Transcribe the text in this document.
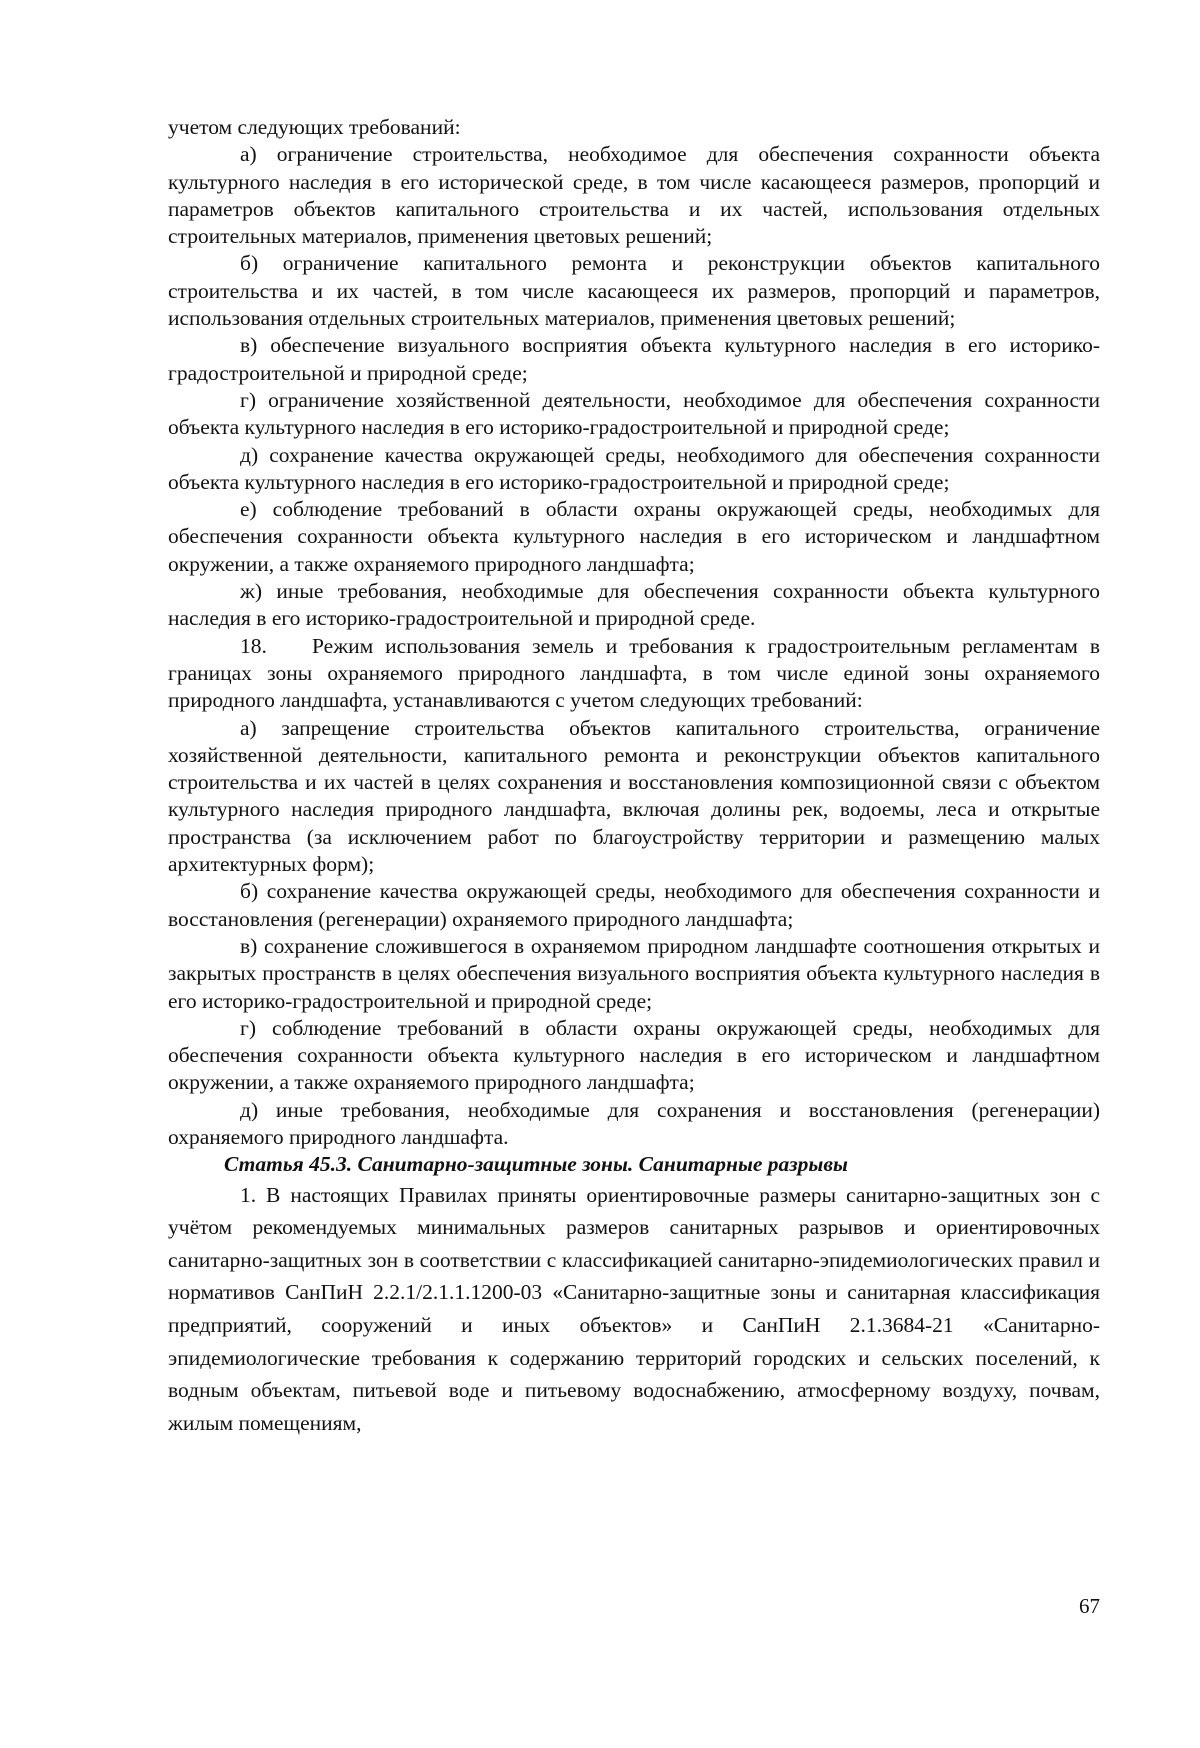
учетом следующих требований:

а) ограничение строительства, необходимое для обеспечения сохранности объекта культурного наследия в его исторической среде, в том числе касающееся размеров, пропорций и параметров объектов капитального строительства и их частей, использования отдельных строительных материалов, применения цветовых решений;

б) ограничение капитального ремонта и реконструкции объектов капитального строительства и их частей, в том числе касающееся их размеров, пропорций и параметров, использования отдельных строительных материалов, применения цветовых решений;

в) обеспечение визуального восприятия объекта культурного наследия в его историко-градостроительной и природной среде;

г) ограничение хозяйственной деятельности, необходимое для обеспечения сохранности объекта культурного наследия в его историко-градостроительной и природной среде;

д) сохранение качества окружающей среды, необходимого для обеспечения сохранности объекта культурного наследия в его историко-градостроительной и природной среде;

е) соблюдение требований в области охраны окружающей среды, необходимых для обеспечения сохранности объекта культурного наследия в его историческом и ландшафтном окружении, а также охраняемого природного ландшафта;

ж) иные требования, необходимые для обеспечения сохранности объекта культурного наследия в его историко-градостроительной и природной среде.

18. Режим использования земель и требования к градостроительным регламентам в границах зоны охраняемого природного ландшафта, в том числе единой зоны охраняемого природного ландшафта, устанавливаются с учетом следующих требований:

а) запрещение строительства объектов капитального строительства, ограничение хозяйственной деятельности, капитального ремонта и реконструкции объектов капитального строительства и их частей в целях сохранения и восстановления композиционной связи с объектом культурного наследия природного ландшафта, включая долины рек, водоемы, леса и открытые пространства (за исключением работ по благоустройству территории и размещению малых архитектурных форм);

б) сохранение качества окружающей среды, необходимого для обеспечения сохранности и восстановления (регенерации) охраняемого природного ландшафта;

в) сохранение сложившегося в охраняемом природном ландшафте соотношения открытых и закрытых пространств в целях обеспечения визуального восприятия объекта культурного наследия в его историко-градостроительной и природной среде;

г) соблюдение требований в области охраны окружающей среды, необходимых для обеспечения сохранности объекта культурного наследия в его историческом и ландшафтном окружении, а также охраняемого природного ландшафта;

д) иные требования, необходимые для сохранения и восстановления (регенерации) охраняемого природного ландшафта.

Статья 45.3. Санитарно-защитные зоны. Санитарные разрывы

1. В настоящих Правилах приняты ориентировочные размеры санитарно-защитных зон с учётом рекомендуемых минимальных размеров санитарных разрывов и ориентировочных санитарно-защитных зон в соответствии с классификацией санитарно-эпидемиологических правил и нормативов СанПиН 2.2.1/2.1.1.1200-03 «Санитарно-защитные зоны и санитарная классификация предприятий, сооружений и иных объектов» и СанПиН 2.1.3684-21 «Санитарно-эпидемиологические требования к содержанию территорий городских и сельских поселений, к водным объектам, питьевой воде и питьевому водоснабжению, атмосферному воздуху, почвам, жилым помещениям,

67
